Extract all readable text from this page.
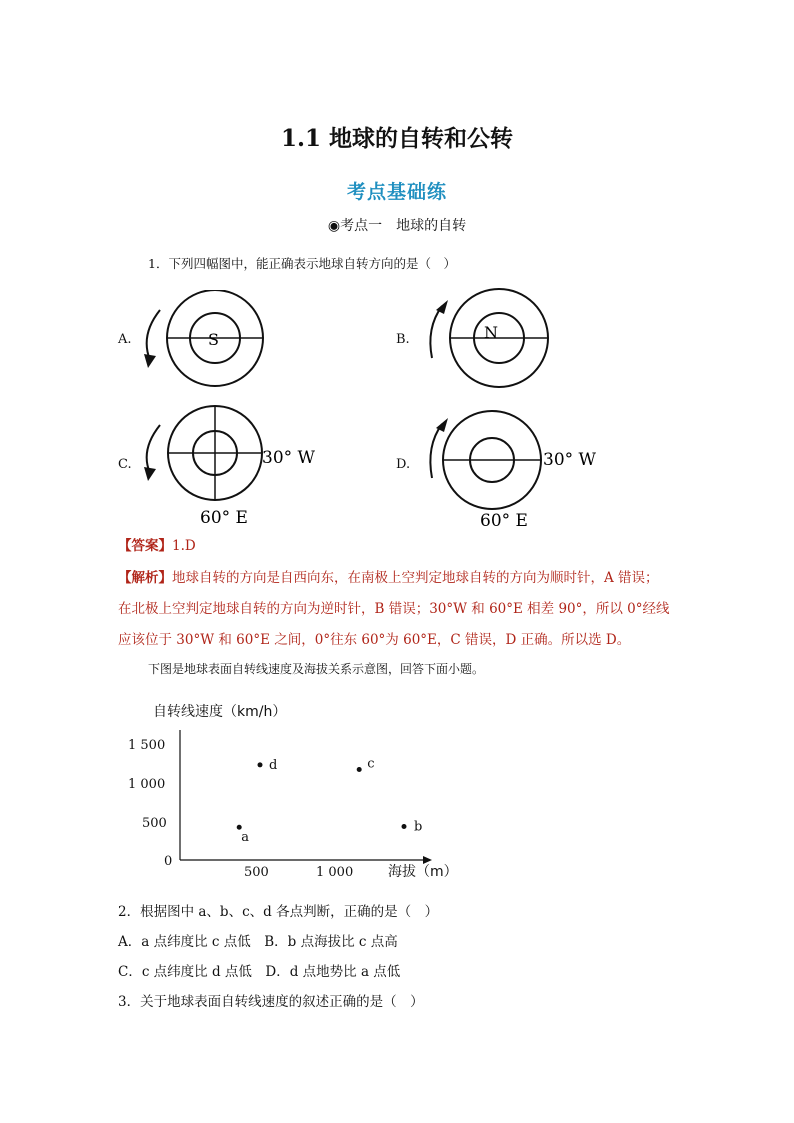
1.1 地球的自转和公转
考点基础练
◉考点一　地球的自转
1．下列四幅图中，能正确表示地球自转方向的是（　）
A.	S	B.	N
C.	30° W
60° E
D.	30° W
60° E
【答案】1.D
【解析】地球自转的方向是自西向东，在南极上空判定地球自转的方向为顺时针，A 错误；
在北极上空判定地球自转的方向为逆时针，B 错误；30°W 和 60°E 相差 90°，所以 0°经线
应该位于 30°W 和 60°E 之间，0°往东 60°为 60°E，C 错误，D 正确。所以选 D。
下图是地球表面自转线速度及海拔关系示意图，回答下面小题。
自转线速度（km/h）
1 500
1 000
500
0
500	1 000 海拔（m）
a
d	c
b
2．根据图中 a、b、c、d 各点判断，正确的是（　）
A．a 点纬度比 c 点低　B．b 点海拔比 c 点高
C．c 点纬度比 d 点低　D．d 点地势比 a 点低
3．关于地球表面自转线速度的叙述正确的是（　）
